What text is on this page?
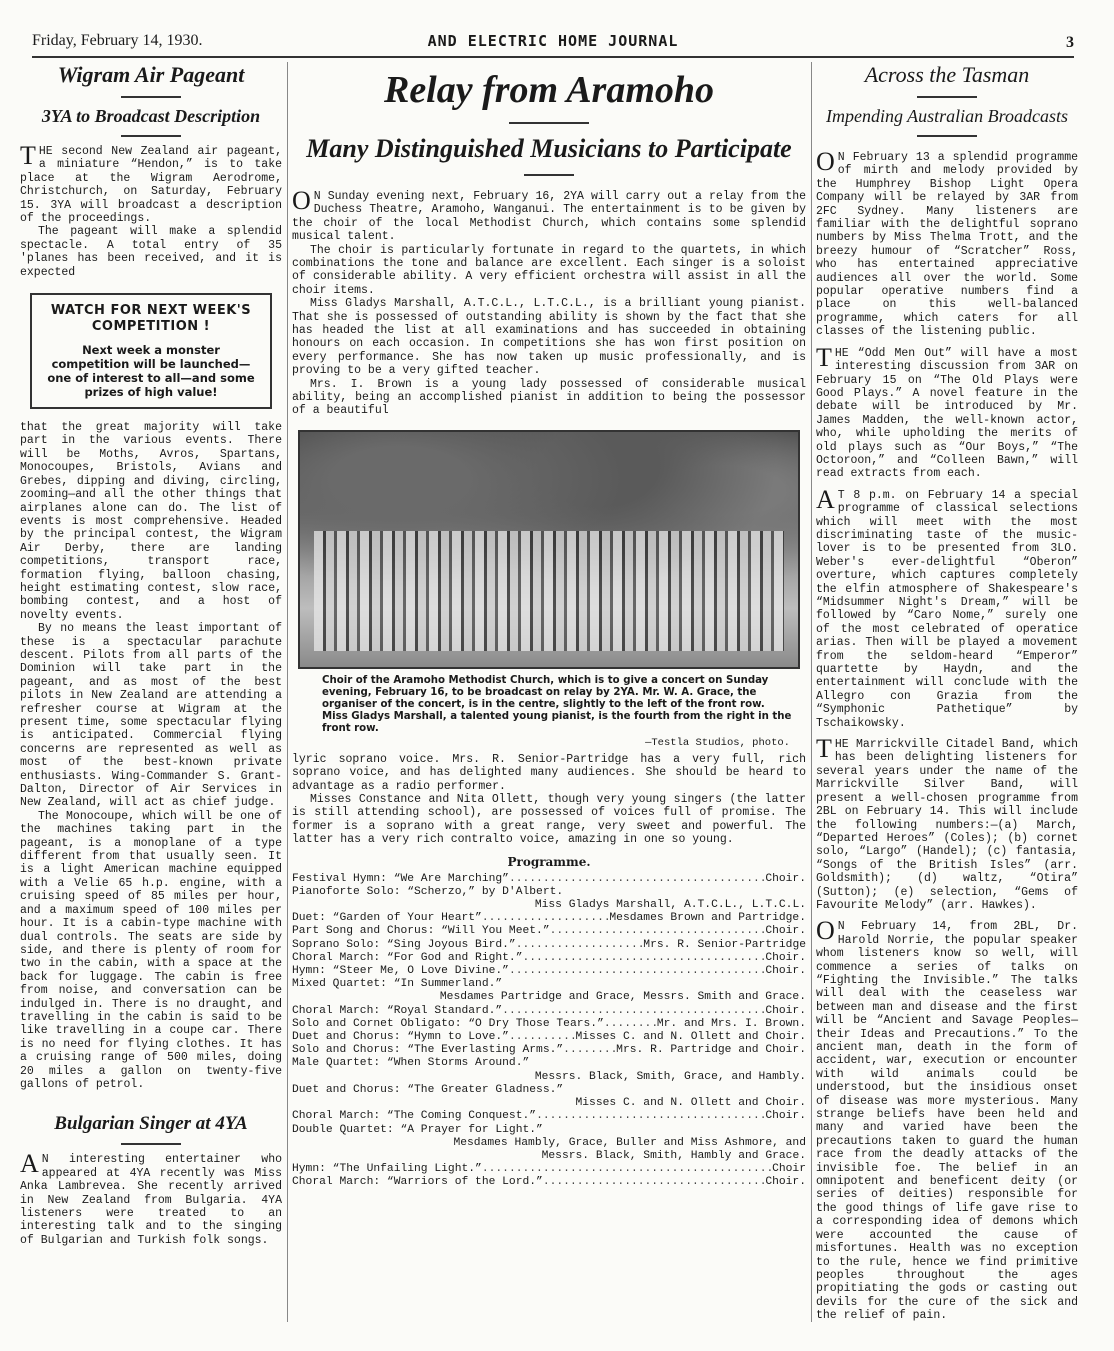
Friday, February 14, 1930.	AND ELECTRIC HOME JOURNAL	3
Wigram Air Pageant
3YA to Broadcast Description

THE second New Zealand air pageant, a miniature “Hendon,” is to take place at the Wigram Aerodrome, Christchurch, on Saturday, February 15. 3YA will broadcast a description of the proceedings.

The pageant will make a splendid spectacle. A total entry of 35 'planes has been received, and it is expected

WATCH FOR NEXT WEEK'S COMPETITION !
Next week a monster competition will be launched—one of interest to all—and some prizes of high value!

that the great majority will take part in the various events. There will be Moths, Avros, Spartans, Monocoupes, Bristols, Avians and Grebes, dipping and diving, circling, zooming—and all the other things that airplanes alone can do. The list of events is most comprehensive. Headed by the principal contest, the Wigram Air Derby, there are landing competitions, transport race, formation flying, balloon chasing, height estimating contest, slow race, bombing contest, and a host of novelty events.

By no means the least important of these is a spectacular parachute descent. Pilots from all parts of the Dominion will take part in the pageant, and as most of the best pilots in New Zealand are attending a refresher course at Wigram at the present time, some spectacular flying is anticipated. Commercial flying concerns are represented as well as most of the best-known private enthusiasts. Wing-Commander S. Grant-Dalton, Director of Air Services in New Zealand, will act as chief judge.

The Monocoupe, which will be one of the machines taking part in the pageant, is a monoplane of a type different from that usually seen. It is a light American machine equipped with a Velie 65 h.p. engine, with a cruising speed of 85 miles per hour, and a maximum speed of 100 miles per hour. It is a cabin-type machine with dual controls. The seats are side by side, and there is plenty of room for two in the cabin, with a space at the back for luggage. The cabin is free from noise, and conversation can be indulged in. There is no draught, and travelling in the cabin is said to be like travelling in a coupe car. There is no need for flying clothes. It has a cruising range of 500 miles, doing 20 miles a gallon on twenty-five gallons of petrol.

Bulgarian Singer at 4YA

AN interesting entertainer who appeared at 4YA recently was Miss Anka Lambrevea. She recently arrived in New Zealand from Bulgaria. 4YA listeners were treated to an interesting talk and to the singing of Bulgarian and Turkish folk songs.

Relay from Aramoho
Many Distinguished Musicians to Participate

ON Sunday evening next, February 16, 2YA will carry out a relay from the Duchess Theatre, Aramoho, Wanganui. The entertainment is to be given by the choir of the local Methodist Church, which contains some splendid musical talent.

The choir is particularly fortunate in regard to the quartets, in which combinations the tone and balance are excellent. Each singer is a soloist of considerable ability. A very efficient orchestra will assist in all the choir items.

Miss Gladys Marshall, A.T.C.L., L.T.C.L., is a brilliant young pianist. That she is possessed of outstanding ability is shown by the fact that she has headed the list at all examinations and has succeeded in obtaining honours on each occasion. In competitions she has won first position on every performance. She has now taken up music professionally, and is proving to be a very gifted teacher.

Mrs. I. Brown is a young lady possessed of considerable musical ability, being an accomplished pianist in addition to being the possessor of a beautiful

Choir of the Aramoho Methodist Church, which is to give a concert on Sunday evening, February 16, to be broadcast on relay by 2YA. Mr. W. A. Grace, the organiser of the concert, is in the centre, slightly to the left of the front row. Miss Gladys Marshall, a talented young pianist, is the fourth from the right in the front row.
—Testla Studios, photo.

lyric soprano voice. Mrs. R. Senior-Partridge has a very full, rich soprano voice, and has delighted many audiences. She should be heard to advantage as a radio performer.

Misses Constance and Nita Ollett, though very young singers (the latter is still attending school), are possessed of voices full of promise. The former is a soprano with a great range, very sweet and powerful. The latter has a very rich contralto voice, amazing in one so young.

Programme.
Festival Hymn: “We Are Marching” .....	Choir.
Pianoforte Solo: “Scherzo,” by D'Albert.
Miss Gladys Marshall, A.T.C.L., L.T.C.L.
Duet: “Garden of Your Heart” .....	Mesdames Brown and Partridge.
Part Song and Chorus: “Will You Meet.” .....	Choir.
Soprano Solo: “Sing Joyous Bird.” .....	Mrs. R. Senior-Partridge
Choral March: “For God and Right.” .....	Choir.
Hymn: “Steer Me, O Love Divine.” .....	Choir.
Mixed Quartet: “In Summerland.”
Mesdames Partridge and Grace, Messrs. Smith and Grace.
Choral March: “Royal Standard.” .....	Choir.
Solo and Cornet Obligato: “O Dry Those Tears.” .....	Mr. and Mrs. I. Brown.
Duet and Chorus: “Hymn to Love.” .....	Misses C. and N. Ollett and Choir.
Solo and Chorus: “The Everlasting Arms.” .....	Mrs. R. Partridge and Choir.
Male Quartet: “When Storms Around.”
Messrs. Black, Smith, Grace, and Hambly.
Duet and Chorus: “The Greater Gladness.”
Misses C. and N. Ollett and Choir.
Choral March: “The Coming Conquest.” .....	Choir.
Double Quartet: “A Prayer for Light.”
Mesdames Hambly, Grace, Buller and Miss Ashmore, and
Messrs. Black, Smith, Hambly and Grace.
Hymn: “The Unfailing Light.” .....	Choir
Choral March: “Warriors of the Lord.” .....	Choir.
Across the Tasman
Impending Australian Broadcasts

ON February 13 a splendid programme of mirth and melody provided by the Humphrey Bishop Light Opera Company will be relayed by 3AR from 2FC Sydney. Many listeners are familiar with the delightful soprano numbers by Miss Thelma Trott, and the breezy humour of “Scratcher” Ross, who has entertained appreciative audiences all over the world. Some popular operative numbers find a place on this well-balanced programme, which caters for all classes of the listening public.

THE “Odd Men Out” will have a most interesting discussion from 3AR on February 15 on “The Old Plays were Good Plays.” A novel feature in the debate will be introduced by Mr. James Madden, the well-known actor, who, while upholding the merits of old plays such as “Our Boys,” “The Octoroon,” and “Colleen Bawn,” will read extracts from each.

AT 8 p.m. on February 14 a special programme of classical selections which will meet with the most discriminating taste of the music-lover is to be presented from 3LO. Weber's ever-delightful “Oberon” overture, which captures completely the elfin atmosphere of Shakespeare's “Midsummer Night's Dream,” will be followed by “Caro Nome,” surely one of the most celebrated of operatice arias. Then will be played a movement from the seldom-heard “Emperor” quartette by Haydn, and the entertainment will conclude with the Allegro con Grazia from the “Symphonic Pathetique” by Tschaikowsky.

THE Marrickville Citadel Band, which has been delighting listeners for several years under the name of the Marrickville Silver Band, will present a well-chosen programme from 2BL on February 14. This will include the following numbers:—(a) March, “Departed Heroes” (Coles); (b) cornet solo, “Largo” (Handel); (c) fantasia, “Songs of the British Isles” (arr. Goldsmith); (d) waltz, “Otira” (Sutton); (e) selection, “Gems of Favourite Melody” (arr. Hawkes).

ON February 14, from 2BL, Dr. Harold Norrie, the popular speaker whom listeners know so well, will commence a series of talks on “Fighting the Invisible.” The talks will deal with the ceaseless war between man and disease and the first will be “Ancient and Savage Peoples—their Ideas and Precautions.” To the ancient man, death in the form of accident, war, execution or encounter with wild animals could be understood, but the insidious onset of disease was more mysterious. Many strange beliefs have been held and many and varied have been the precautions taken to guard the human race from the deadly attacks of the invisible foe. The belief in an omnipotent and beneficent deity (or series of deities) responsible for the good things of life gave rise to a corresponding idea of demons which were accounted the cause of misfortunes. Health was no exception to the rule, hence we find primitive peoples throughout the ages propitiating the gods or casting out devils for the cure of the sick and the relief of pain.
